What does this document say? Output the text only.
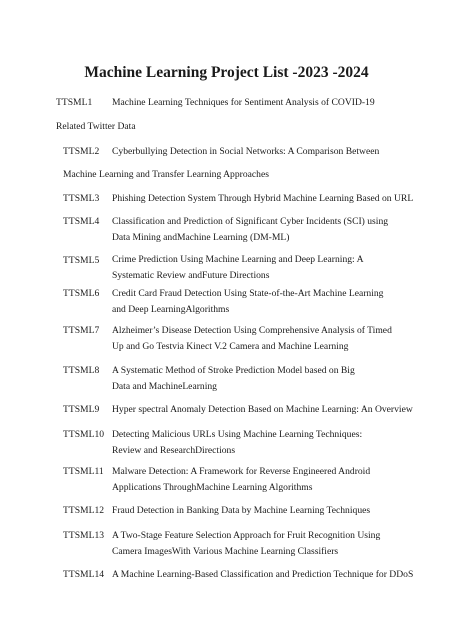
Machine Learning Project List -2023 -2024
TTSML1 Machine Learning Techniques for Sentiment Analysis of COVID-19
Related Twitter Data
TTSML2 Cyberbullying Detection in Social Networks: A Comparison Between
Machine Learning and Transfer Learning Approaches
TTSML3 Phishing Detection System Through Hybrid Machine Learning Based on URL
TTSML4 Classification and Prediction of Significant Cyber Incidents (SCI) using
Data Mining andMachine Learning (DM-ML)
TTSML5 Crime Prediction Using Machine Learning and Deep Learning: A
Systematic Review andFuture Directions
TTSML6 Credit Card Fraud Detection Using State-of-the-Art Machine Learning
and Deep LearningAlgorithms
TTSML7 Alzheimer’s Disease Detection Using Comprehensive Analysis of Timed
Up and Go Testvia Kinect V.2 Camera and Machine Learning
TTSML8 A Systematic Method of Stroke Prediction Model based on Big
Data and MachineLearning
TTSML9 Hyper spectral Anomaly Detection Based on Machine Learning: An Overview
TTSML10 Detecting Malicious URLs Using Machine Learning Techniques:
Review and ResearchDirections
TTSML11 Malware Detection: A Framework for Reverse Engineered Android
Applications ThroughMachine Learning Algorithms
TTSML12 Fraud Detection in Banking Data by Machine Learning Techniques
TTSML13 A Two-Stage Feature Selection Approach for Fruit Recognition Using
Camera ImagesWith Various Machine Learning Classifiers
TTSML14 A Machine Learning-Based Classification and Prediction Technique for DDoS
